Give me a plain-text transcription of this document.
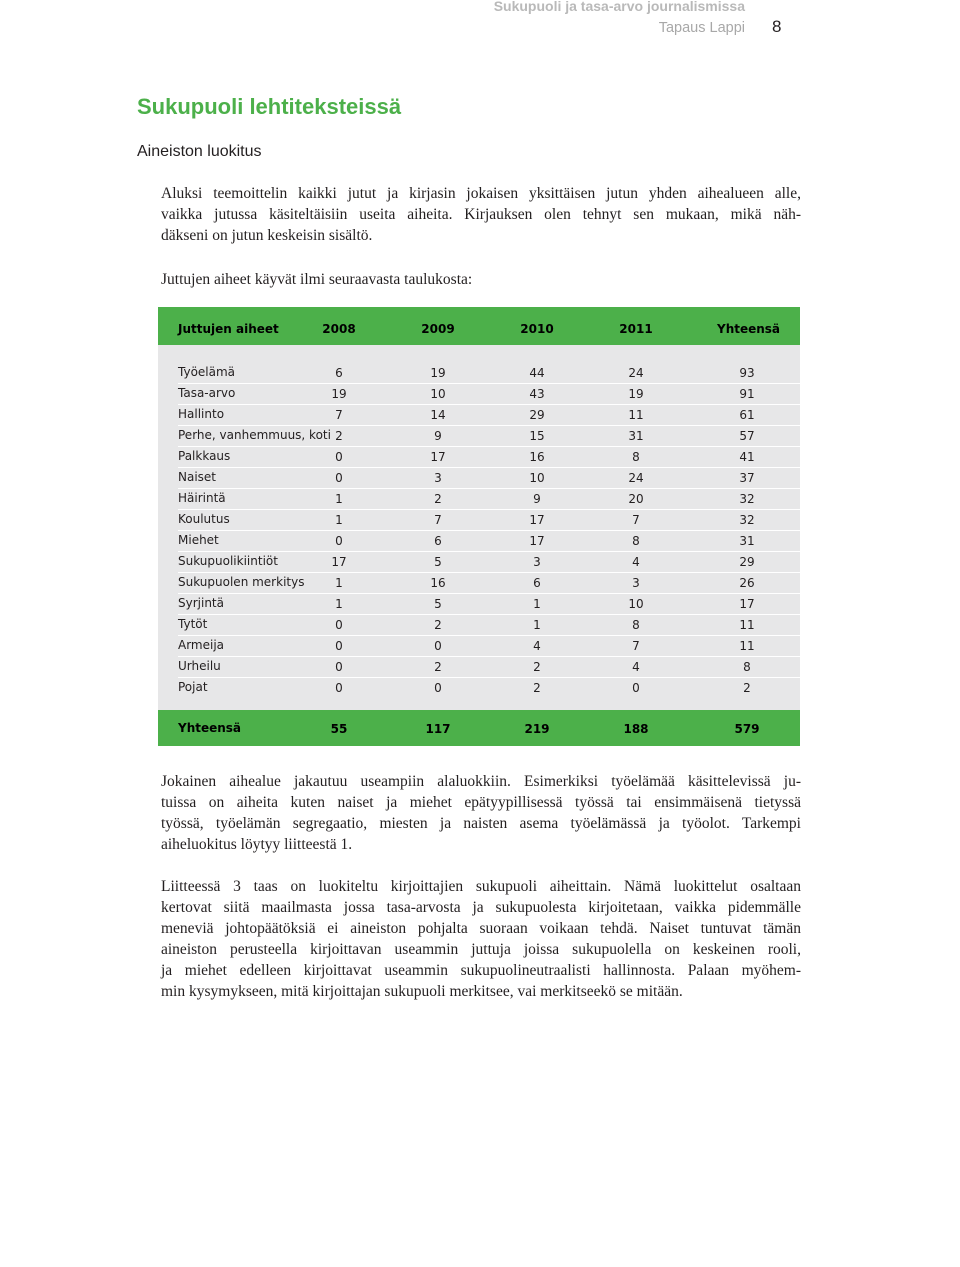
Sukupuoli ja tasa-arvo journalismissa
Tapaus Lappi 8
Sukupuoli lehtiteksteissä
Aineiston luokitus

Aluksi teemoittelin kaikki jutut ja kirjasin jokaisen yksittäisen jutun yhden aihealueen alle,
vaikka jutussa käsiteltäisiin useita aiheita. Kirjauksen olen tehnyt sen mukaan, mikä näh-
däkseni on jutun keskeisin sisältö.

Juttujen aiheet käyvät ilmi seuraavasta taulukosta:

Juttujen aiheet	2008	2009	2010	2011	Yhteensä
Työelämä	6	19	44	24	93
Tasa-arvo	19	10	43	19	91
Hallinto	7	14	29	11	61
Perhe, vanhemmuus, koti 2	9	15	31	57
Palkkaus	0	17	16	8	41
Naiset	0	3	10	24	37
Häirintä	1	2	9	20	32
Koulutus	1	7	17	7	32
Miehet	0	6	17	8	31
Sukupuolikiintiöt	17	5	3	4	29
Sukupuolen merkitys	1	16	6	3	26
Syrjintä	1	5	1	10	17
Tytöt	0	2	1	8	11
Armeija	0	0	4	7	11
Urheilu	0	2	2	4	8
Pojat	0	0	2	0	2
Yhteensä	55	117	219	188	579

Jokainen aihealue jakautuu useampiin alaluokkiin. Esimerkiksi työelämää käsittelevissä ju-
tuissa on aiheita kuten naiset ja miehet epätyypillisessä työssä tai ensimmäisenä tietyssä
työssä, työelämän segregaatio, miesten ja naisten asema työelämässä ja työolot. Tarkempi
aiheluokitus löytyy liitteestä 1.

Liitteessä 3 taas on luokiteltu kirjoittajien sukupuoli aiheittain. Nämä luokittelut osaltaan
kertovat siitä maailmasta jossa tasa-arvosta ja sukupuolesta kirjoitetaan, vaikka pidemmälle
meneviä johtopäätöksiä ei aineiston pohjalta suoraan voikaan tehdä. Naiset tuntuvat tämän
aineiston perusteella kirjoittavan useammin juttuja joissa sukupuolella on keskeinen rooli,
ja miehet edelleen kirjoittavat useammin sukupuolineutraalisti hallinnosta. Palaan myöhem-
min kysymykseen, mitä kirjoittajan sukupuoli merkitsee, vai merkitseekö se mitään.
